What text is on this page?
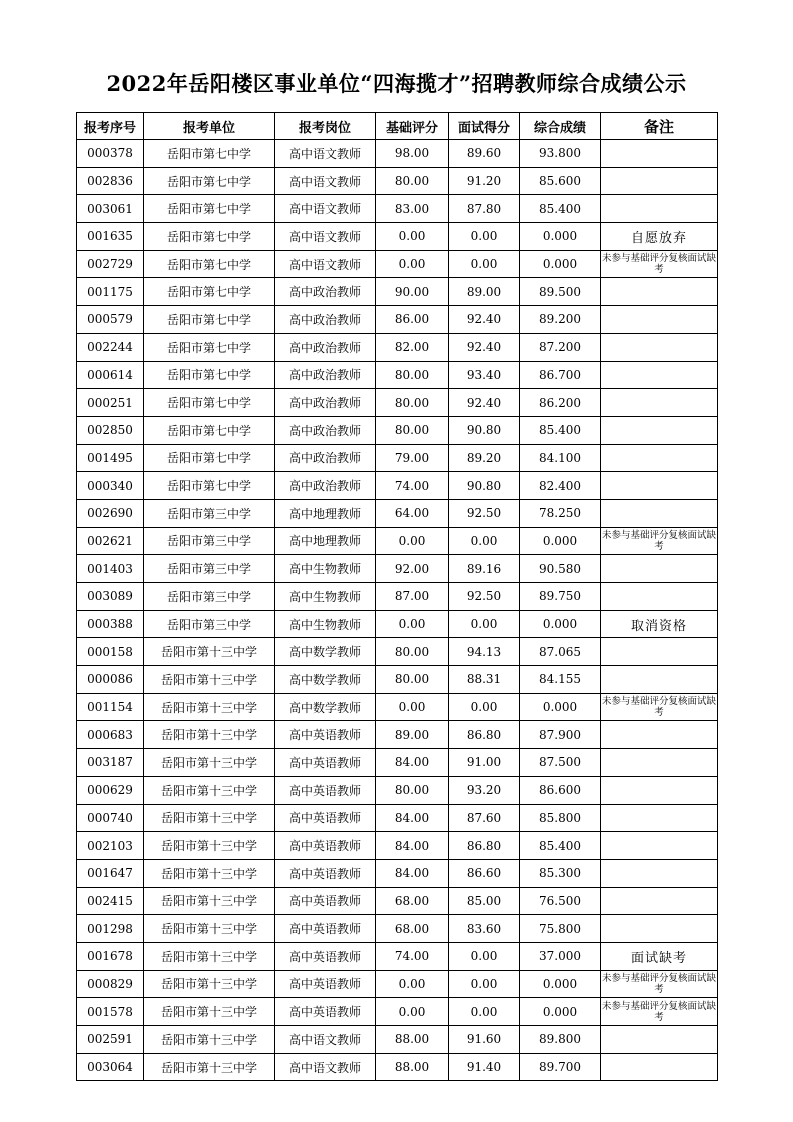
2022年岳阳楼区事业单位“四海揽才”招聘教师综合成绩公示
报考序号	报考单位	报考岗位	基础评分	面试得分	综合成绩	备注
000378	岳阳市第七中学	高中语文教师	98.00	89.60	93.800	
002836	岳阳市第七中学	高中语文教师	80.00	91.20	85.600	
003061	岳阳市第七中学	高中语文教师	83.00	87.80	85.400	
001635	岳阳市第七中学	高中语文教师	0.00	0.00	0.000	自愿放弃
002729	岳阳市第七中学	高中语文教师	0.00	0.00	0.000	未参与基础评分复核面试缺考
001175	岳阳市第七中学	高中政治教师	90.00	89.00	89.500	
000579	岳阳市第七中学	高中政治教师	86.00	92.40	89.200	
002244	岳阳市第七中学	高中政治教师	82.00	92.40	87.200	
000614	岳阳市第七中学	高中政治教师	80.00	93.40	86.700	
000251	岳阳市第七中学	高中政治教师	80.00	92.40	86.200	
002850	岳阳市第七中学	高中政治教师	80.00	90.80	85.400	
001495	岳阳市第七中学	高中政治教师	79.00	89.20	84.100	
000340	岳阳市第七中学	高中政治教师	74.00	90.80	82.400	
002690	岳阳市第三中学	高中地理教师	64.00	92.50	78.250	
002621	岳阳市第三中学	高中地理教师	0.00	0.00	0.000	未参与基础评分复核面试缺考
001403	岳阳市第三中学	高中生物教师	92.00	89.16	90.580	
003089	岳阳市第三中学	高中生物教师	87.00	92.50	89.750	
000388	岳阳市第三中学	高中生物教师	0.00	0.00	0.000	取消资格
000158	岳阳市第十三中学	高中数学教师	80.00	94.13	87.065	
000086	岳阳市第十三中学	高中数学教师	80.00	88.31	84.155	
001154	岳阳市第十三中学	高中数学教师	0.00	0.00	0.000	未参与基础评分复核面试缺考
000683	岳阳市第十三中学	高中英语教师	89.00	86.80	87.900	
003187	岳阳市第十三中学	高中英语教师	84.00	91.00	87.500	
000629	岳阳市第十三中学	高中英语教师	80.00	93.20	86.600	
000740	岳阳市第十三中学	高中英语教师	84.00	87.60	85.800	
002103	岳阳市第十三中学	高中英语教师	84.00	86.80	85.400	
001647	岳阳市第十三中学	高中英语教师	84.00	86.60	85.300	
002415	岳阳市第十三中学	高中英语教师	68.00	85.00	76.500	
001298	岳阳市第十三中学	高中英语教师	68.00	83.60	75.800	
001678	岳阳市第十三中学	高中英语教师	74.00	0.00	37.000	面试缺考
000829	岳阳市第十三中学	高中英语教师	0.00	0.00	0.000	未参与基础评分复核面试缺考
001578	岳阳市第十三中学	高中英语教师	0.00	0.00	0.000	未参与基础评分复核面试缺考
002591	岳阳市第十三中学	高中语文教师	88.00	91.60	89.800	
003064	岳阳市第十三中学	高中语文教师	88.00	91.40	89.700	
